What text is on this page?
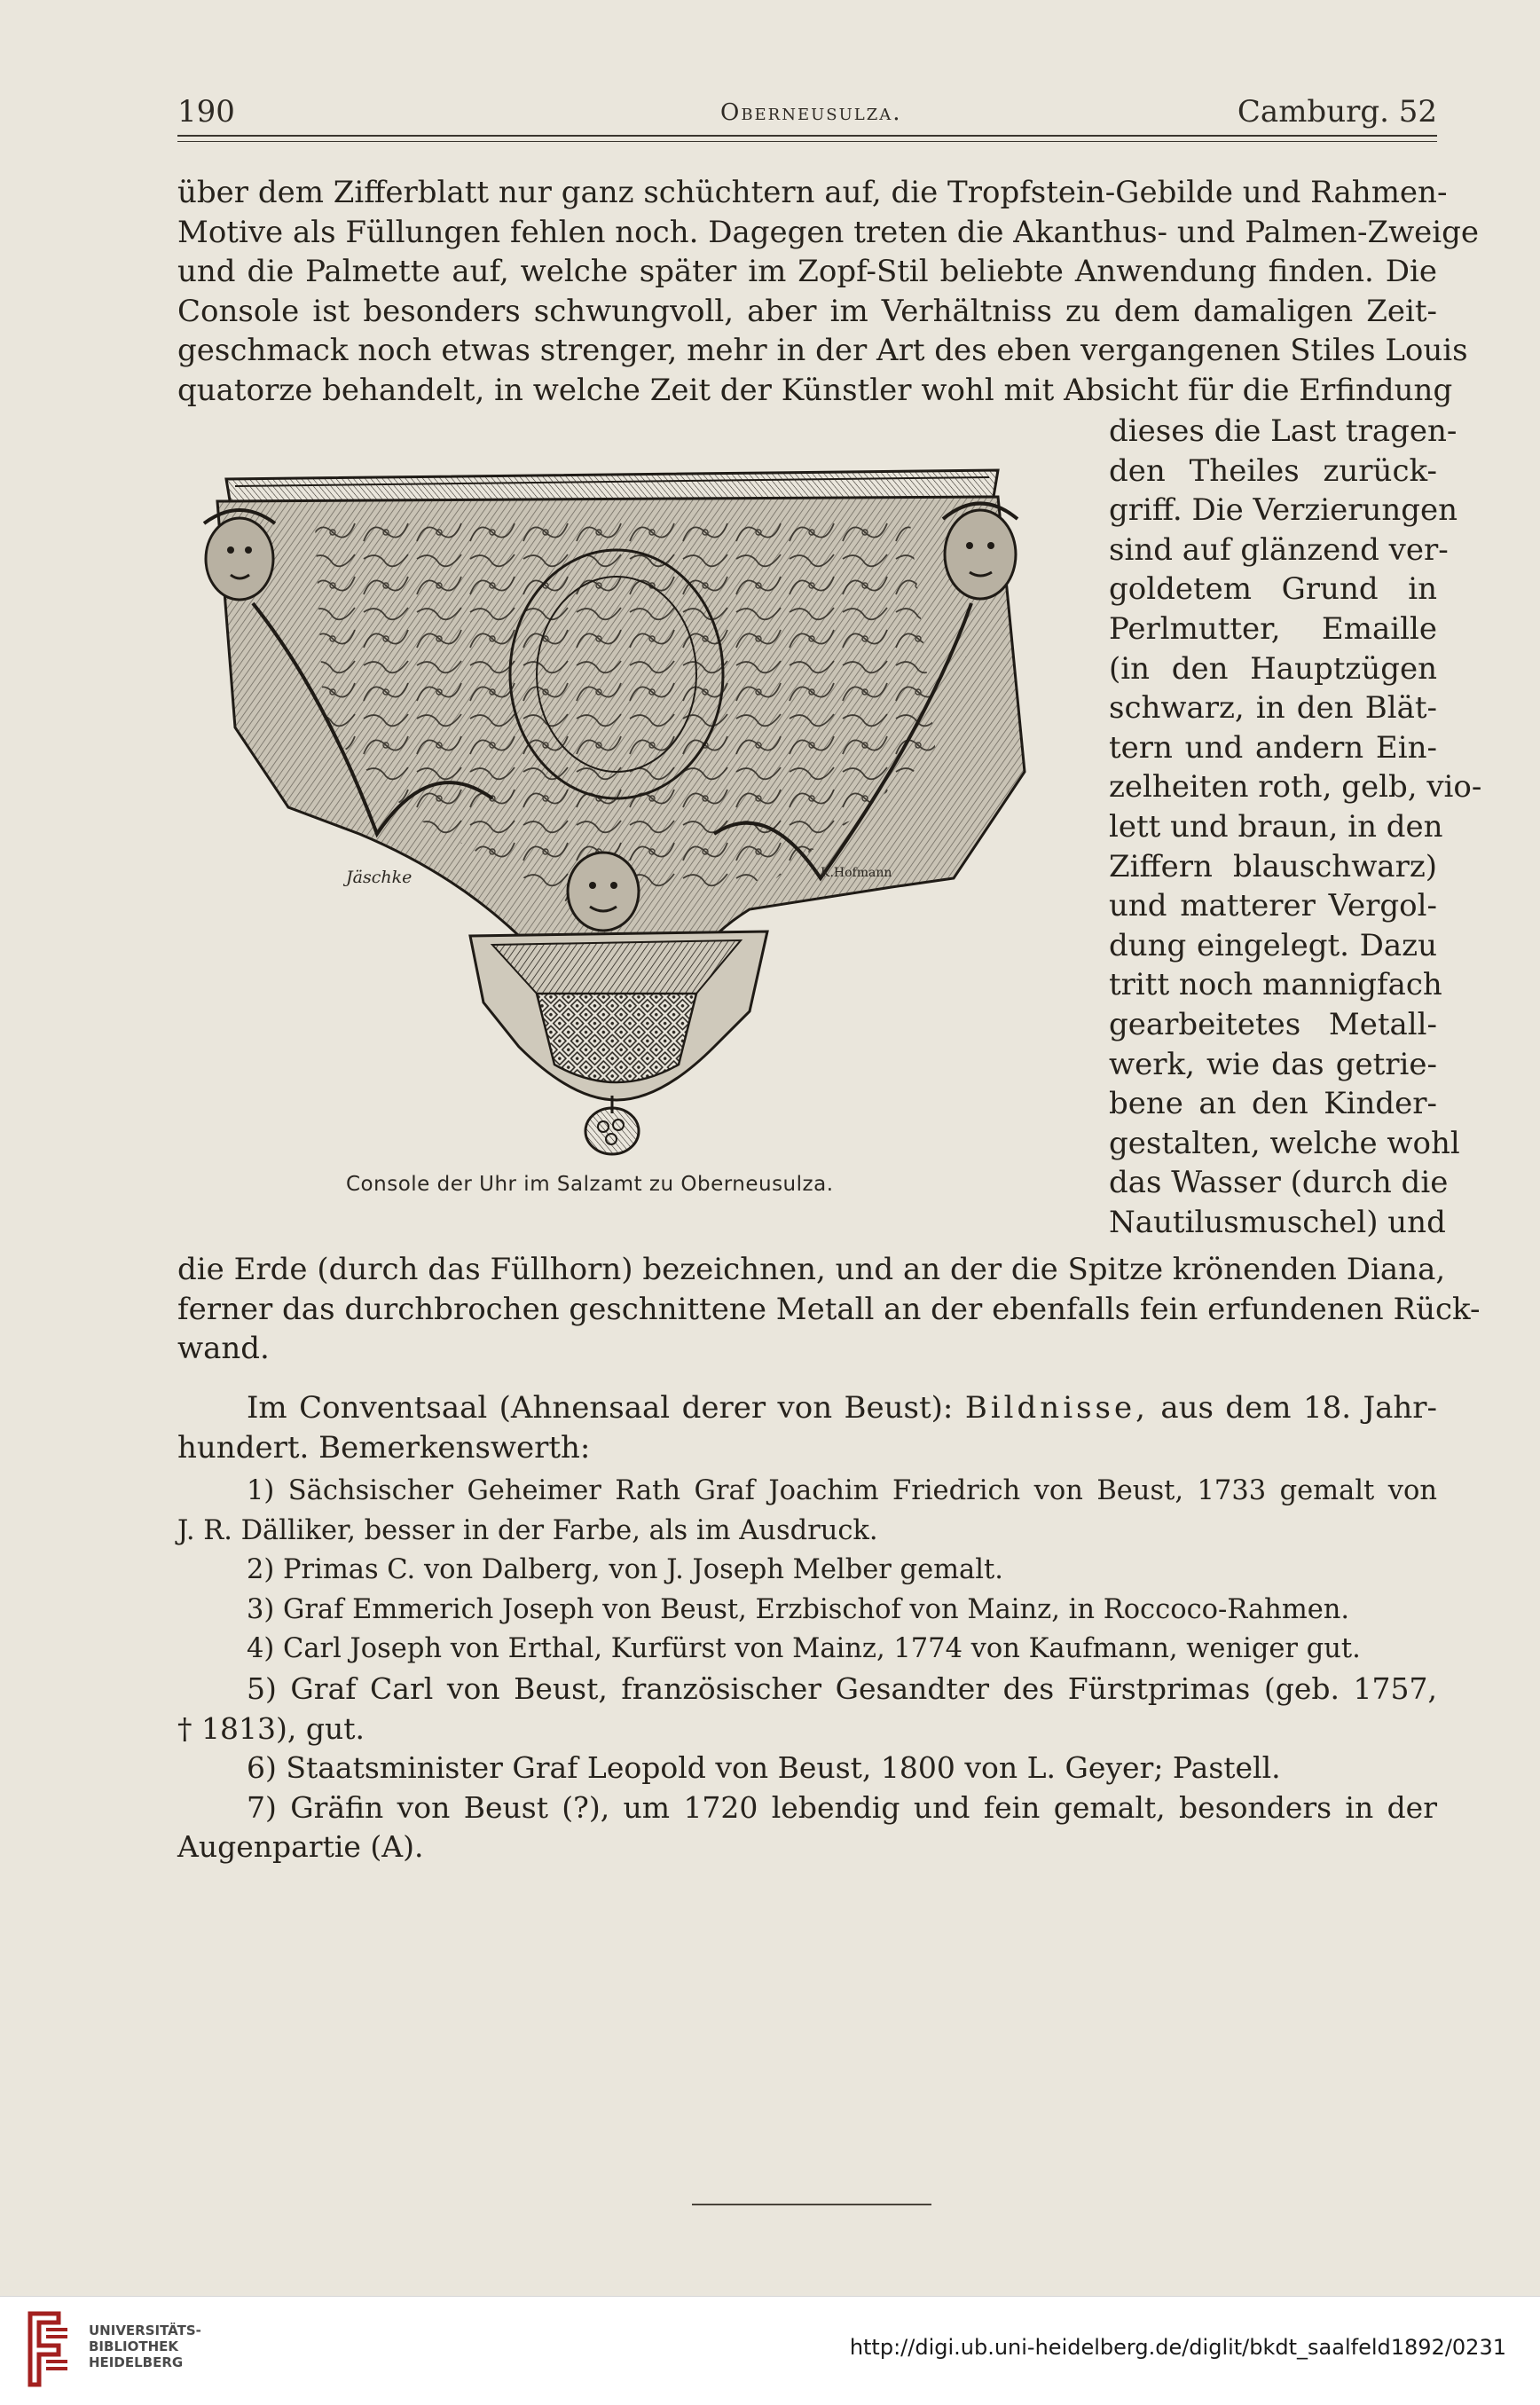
190	Oberneusulza.	Camburg. 52
über dem Zifferblatt nur ganz schüchtern auf, die Tropfstein-Gebilde und Rahmen-
Motive als Füllungen fehlen noch. Dagegen treten die Akanthus- und Palmen-Zweige
und die Palmette auf, welche später im Zopf-Stil beliebte Anwendung finden. Die
Console ist besonders schwungvoll, aber im Verhältniss zu dem damaligen Zeit-
geschmack noch etwas strenger, mehr in der Art des eben vergangenen Stiles Louis
quatorze behandelt, in welche Zeit der Künstler wohl mit Absicht für die Erfindung
dieses die Last tragen-
den Theiles zurück-
griff. Die Verzierungen
sind auf glänzend ver-
goldetem Grund in
Perlmutter, Emaille
(in den Hauptzügen
schwarz, in den Blät-
tern und andern Ein-
zelheiten roth, gelb, vio-
lett und braun, in den
Ziffern blauschwarz)
und matterer Vergol-
dung eingelegt. Dazu
tritt noch mannigfach
gearbeitetes Metall-
werk, wie das getrie-
bene an den Kinder-
gestalten, welche wohl
das Wasser (durch die
Nautilusmuschel) und
Jäschke	K.Hofmann
Console der Uhr im Salzamt zu Oberneusulza.
die Erde (durch das Füllhorn) bezeichnen, und an der die Spitze krönenden Diana,
ferner das durchbrochen geschnittene Metall an der ebenfalls fein erfundenen Rück-
wand.
Im Conventsaal (Ahnensaal derer von Beust): Bildnisse, aus dem 18. Jahr-
hundert. Bemerkenswerth:
1) Sächsischer Geheimer Rath Graf Joachim Friedrich von Beust, 1733 gemalt von
J. R. Dälliker, besser in der Farbe, als im Ausdruck.
2) Primas C. von Dalberg, von J. Joseph Melber gemalt.
3) Graf Emmerich Joseph von Beust, Erzbischof von Mainz, in Roccoco-Rahmen.
4) Carl Joseph von Erthal, Kurfürst von Mainz, 1774 von Kaufmann, weniger gut.
5) Graf Carl von Beust, französischer Gesandter des Fürstprimas (geb. 1757,
† 1813), gut.
6) Staatsminister Graf Leopold von Beust, 1800 von L. Geyer; Pastell.
7) Gräfin von Beust (?), um 1720 lebendig und fein gemalt, besonders in der
Augenpartie (A).
UNIVERSITÄTS-
BIBLIOTHEK
HEIDELBERG
http://digi.ub.uni-heidelberg.de/diglit/bkdt_saalfeld1892/0231
